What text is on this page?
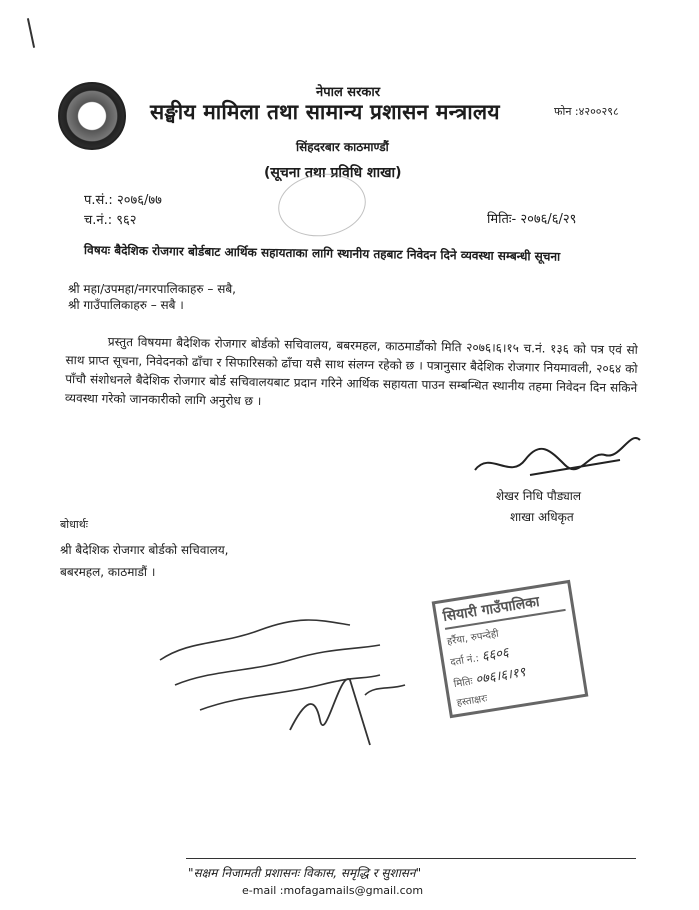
नेपाल सरकार
सङ्घीय मामिला तथा सामान्य प्रशासन मन्त्रालय	फोन :४२००२९८
सिंहदरबार काठमाण्डौं
(सूचना तथा प्रविधि शाखा)
प.सं.: २०७६/७७
च.नं.: ९६२	मितिः- २०७६/६/२९
विषयः बैदेशिक रोजगार बोर्डबाट आर्थिक सहायताका लागि स्थानीय तहबाट निवेदन दिने व्यवस्था सम्बन्धी सूचना
श्री महा/उपमहा/नगरपालिकाहरु – सबै,
श्री गाउँपालिकाहरु – सबै ।
प्रस्तुत विषयमा बैदेशिक रोजगार बोर्डको सचिवालय, बबरमहल, काठमाडौंको मिति २०७६।६।१५ च.नं. १३६ को पत्र एवं सो साथ प्राप्त सूचना, निवेदनको ढाँचा र सिफारिसको ढाँचा यसै साथ संलग्न रहेको छ । पत्रानुसार बैदेशिक रोजगार नियमावली, २०६४ को पाँचौ संशोधनले बैदेशिक रोजगार बोर्ड सचिवालयबाट प्रदान गरिने आर्थिक सहायता पाउन सम्बन्धित स्थानीय तहमा निवेदन दिन सकिने व्यवस्था गरेको जानकारीको लागि अनुरोध छ ।
शेखर निधि पौड्याल
शाखा अधिकृत
बोधार्थः
श्री बैदेशिक रोजगार बोर्डको सचिवालय,
बबरमहल, काठमाडौं ।
सियारी गाउँपालिका
हर्रैया, रुपन्देही
दर्ता नं.: ६६०६
मितिः ०७६।६।१९
हस्ताक्षरः
"सक्षम निजामती प्रशासनः विकास, समृद्धि र सुशासन"
e-mail :mofagamails@gmail.com
